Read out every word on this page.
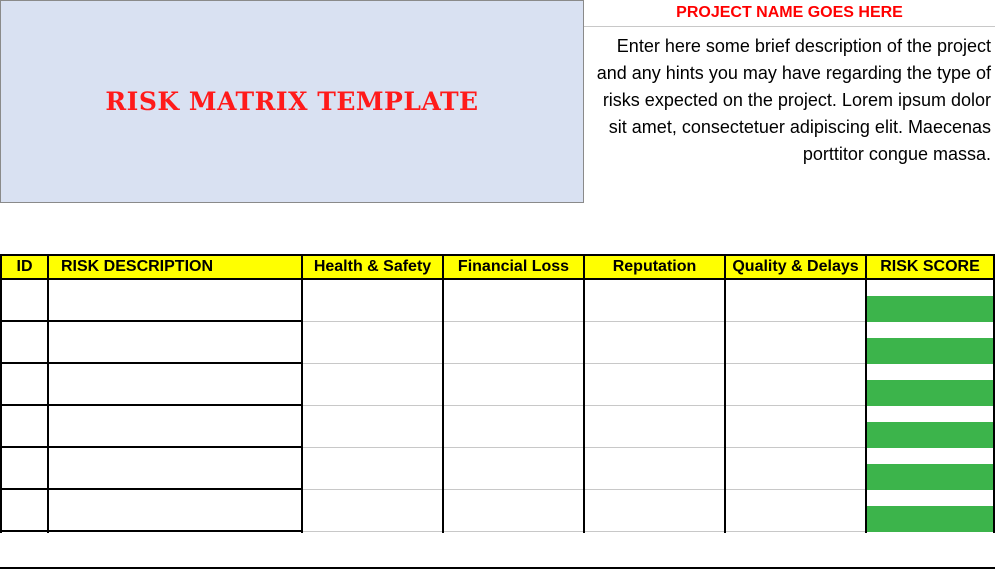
RISK MATRIX TEMPLATE
PROJECT NAME GOES HERE
Enter here some brief description of the project and any hints you may have regarding the type of risks expected on the project. Lorem ipsum dolor sit amet, consectetuer adipiscing elit. Maecenas porttitor congue massa.
ID	RISK DESCRIPTION	Health & Safety	Financial Loss	Reputation	Quality & Delays	RISK SCORE
